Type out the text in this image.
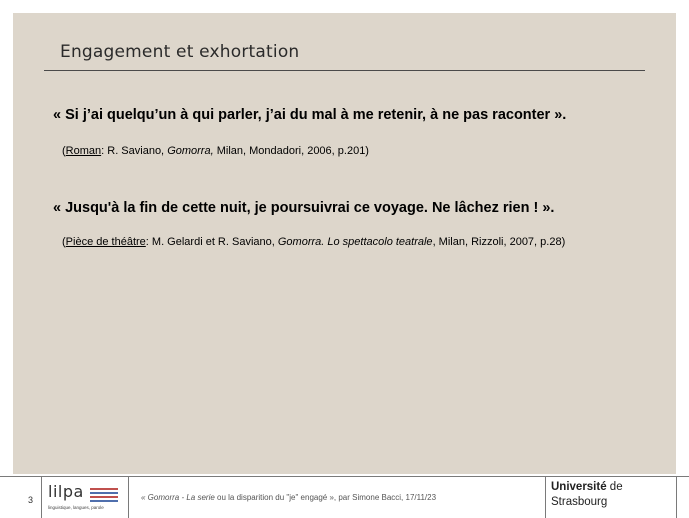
Engagement et exhortation
« Si j’ai quelqu’un à qui parler, j’ai du mal à me retenir, à ne pas raconter ».
(Roman: R. Saviano, Gomorra, Milan, Mondadori, 2006, p.201)
« Jusqu'à la fin de cette nuit, je poursuivrai ce voyage. Ne lâchez rien ! ».
(Pièce de théâtre: M. Gelardi et R. Saviano, Gomorra. Lo spettacolo teatrale, Milan, Rizzoli, 2007, p.28)
3 lilpa
linguistique, langues, parole
« Gomorra - La serie ou la disparition du "je" engagé », par Simone Bacci, 17/11/23
Université de
Strasbourg
